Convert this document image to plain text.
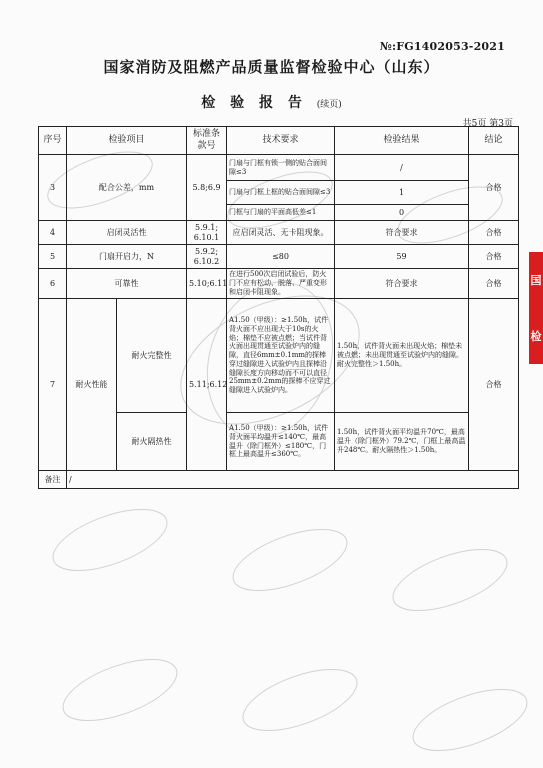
№:FG1402053-2021
国家消防及阻燃产品质量监督检验中心（山东）
检 验 报 告 (续页)
共5页 第3页
序号	检验项目		标准条款号	技术要求	检验结果	结论
3	配合公差，mm		5.8;6.9	门扇与门框有锁一侧的贴合面间隙≤3	/	合格
				门扇与门框上框的贴合面间隙≤3	1	
				门框与门扇的平面高低差≤1	0	
4	启闭灵活性		5.9.1; 6.10.1	应启闭灵活、无卡阻现象。	符合要求	合格
5	门扇开启力，N		5.9.2; 6.10.2	≤80	59	合格
6	可靠性		5.10;6.11	在进行500次启闭试验后，防火门不应有松动、脱落、严重变形和启闭卡阻现象。	符合要求	合格
7	耐火性能	耐火完整性	5.11;6.12	A1.50（甲级）：≥1.50h，试件背火面不应出现大于10s的火焰；棉垫不应被点燃；当试件背火面出现贯通至试验炉内的缝隙，直径6mm±0.1mm的探棒穿过缝隙进入试验炉内且探棒沿缝隙长度方向移动而不可以直径25mm±0.2mm的探棒不应穿过缝隙进入试验炉内。	1.50h，试件背火面未出现火焰；棉垫未被点燃；未出现贯通至试验炉内的缝隙。耐火完整性＞1.50h。	合格
		耐火隔热性		A1.50（甲级）：≥1.50h，试件背火面平均温升≤140℃，最高温升（除门框外）≤180℃，门框上最高温升≤360℃。	1.50h，试件背火面平均温升70℃，最高温升（除门框外）79.2℃，门框上最高温升248℃。耐火隔热性＞1.50h。	
备注	/					
国
检
